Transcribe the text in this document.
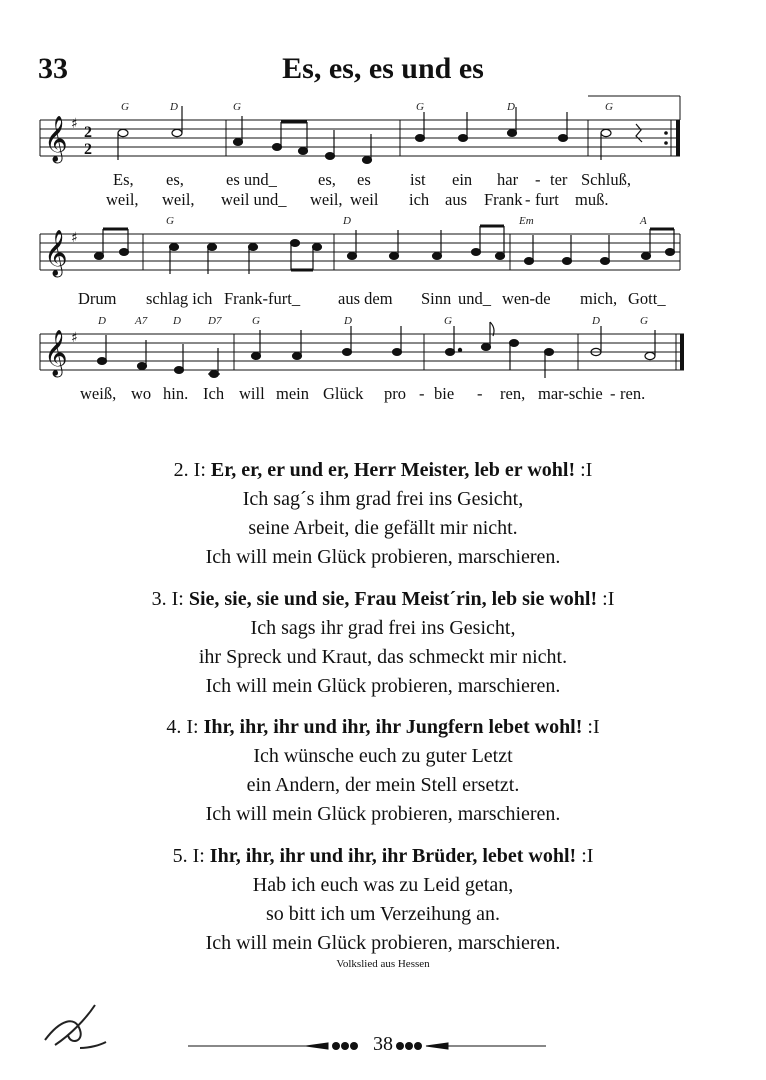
33	Es, es, es und es
𝄞 ♯ 2
2
G	D	G	G	D	G
𝄞 ♯
G	D	Em	A
𝄞 ♯
D	A7 D D7	G	D	G	D	G
Es, es,	es und_ es, es ist ein har - ter Schluß,
weil, weil, weil und_ weil, weil ich aus Frank - furt muß.
Drum schlag ich Frank-furt_ aus dem Sinn und_ wen-de mich, Gott_
weiß, wo hin. Ich will mein Glück pro - bie - ren, mar-schie - ren.
2. I: Er, er, er und er, Herr Meister, leb er wohl! :I
Ich sag´s ihm grad frei ins Gesicht,
seine Arbeit, die gefällt mir nicht.
Ich will mein Glück probieren, marschieren.
3. I: Sie, sie, sie und sie, Frau Meist´rin, leb sie wohl! :I
Ich sags ihr grad frei ins Gesicht,
ihr Spreck und Kraut, das schmeckt mir nicht.
Ich will mein Glück probieren, marschieren.
4. I: Ihr, ihr, ihr und ihr, ihr Jungfern lebet wohl! :I
Ich wünsche euch zu guter Letzt
ein Andern, der mein Stell ersetzt.
Ich will mein Glück probieren, marschieren.
5. I: Ihr, ihr, ihr und ihr, ihr Brüder, lebet wohl! :I
Hab ich euch was zu Leid getan,
so bitt ich um Verzeihung an.
Ich will mein Glück probieren, marschieren.
Volkslied aus Hessen
38
